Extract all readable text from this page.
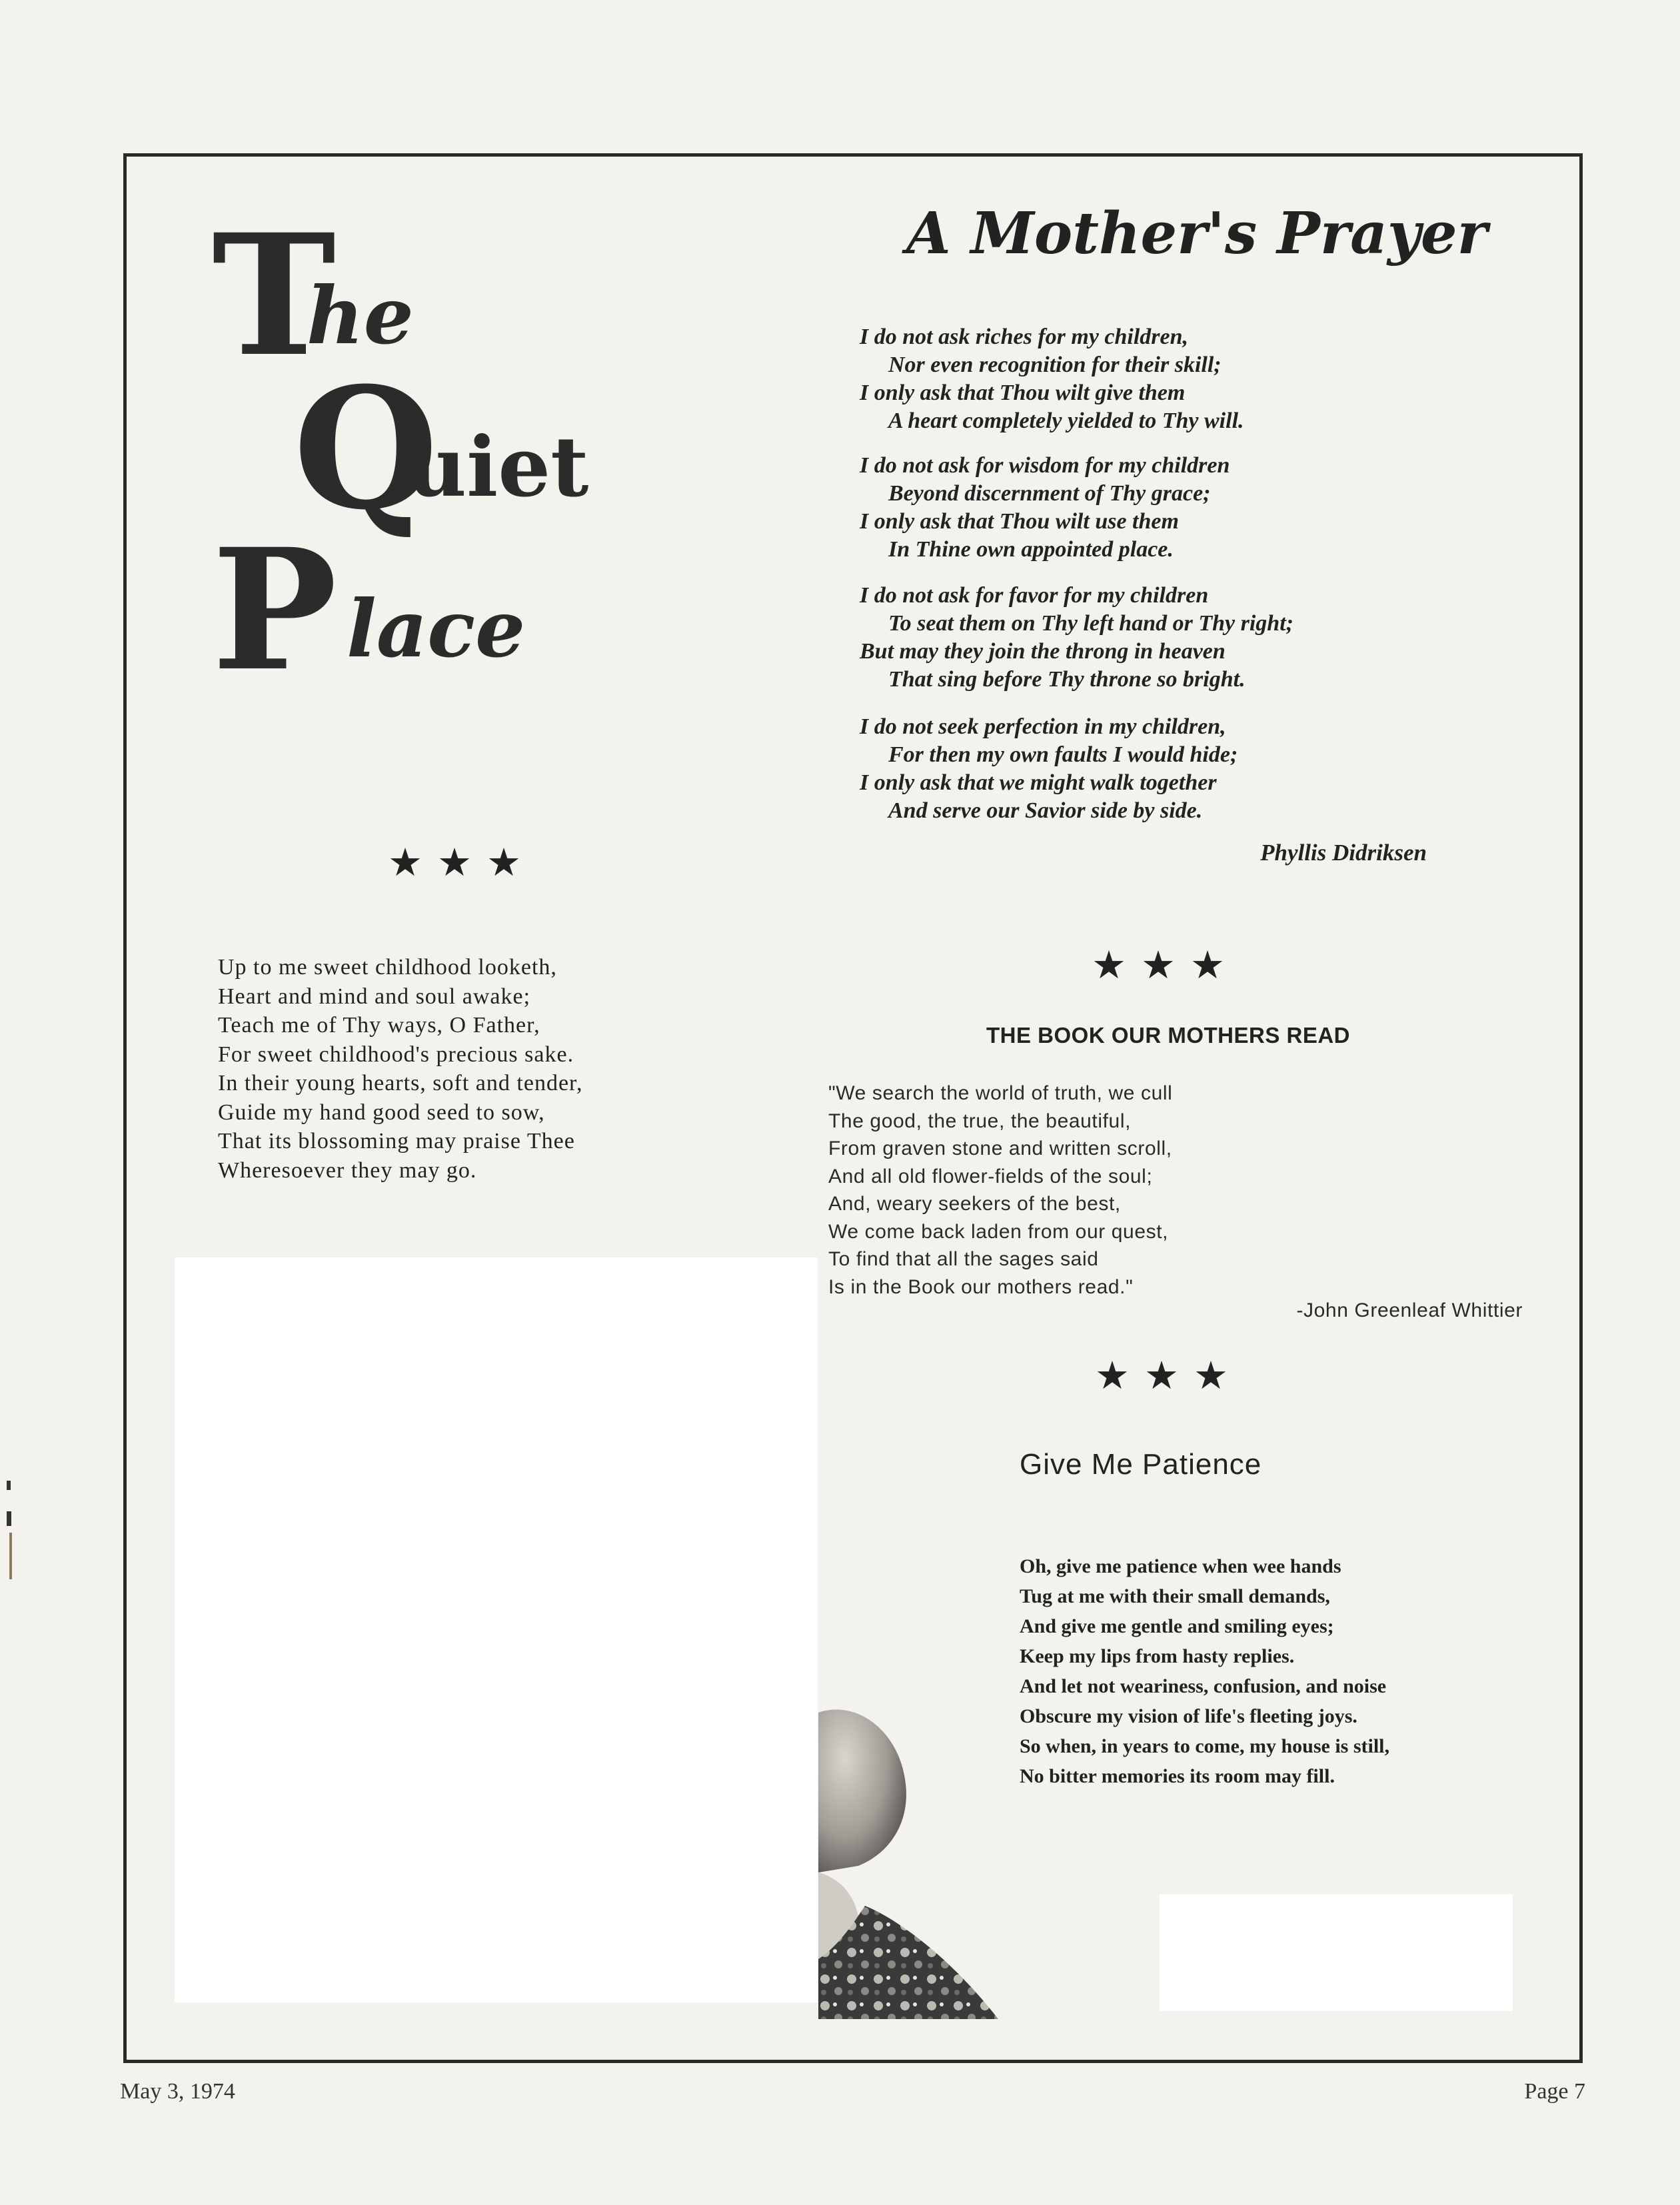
T
he
Q
uiet
P lace
★★★
Up to me sweet childhood looketh,
Heart and mind and soul awake;
Teach me of Thy ways, O Father,
For sweet childhood's precious sake.
In their young hearts, soft and tender,
Guide my hand good seed to sow,
That its blossoming may praise Thee
Wheresoever they may go.
A Mother's Prayer
I do not ask riches for my children,
Nor even recognition for their skill;
I only ask that Thou wilt give them
A heart completely yielded to Thy will.
I do not ask for wisdom for my children
Beyond discernment of Thy grace;
I only ask that Thou wilt use them
In Thine own appointed place.
I do not ask for favor for my children
To seat them on Thy left hand or Thy right;
But may they join the throng in heaven
That sing before Thy throne so bright.
I do not seek perfection in my children,
For then my own faults I would hide;
I only ask that we might walk together
And serve our Savior side by side.
Phyllis Didriksen
★★★
THE BOOK OUR MOTHERS READ
"We search the world of truth, we cull
The good, the true, the beautiful,
From graven stone and written scroll,
And all old flower-fields of the soul;
And, weary seekers of the best,
We come back laden from our quest,
To find that all the sages said
Is in the Book our mothers read."
-John Greenleaf Whittier
★★★
Give Me Patience
Oh, give me patience when wee hands
Tug at me with their small demands,
And give me gentle and smiling eyes;
Keep my lips from hasty replies.
And let not weariness, confusion, and noise
Obscure my vision of life's fleeting joys.
So when, in years to come, my house is still,
No bitter memories its room may fill.
May 3, 1974	Page 7
